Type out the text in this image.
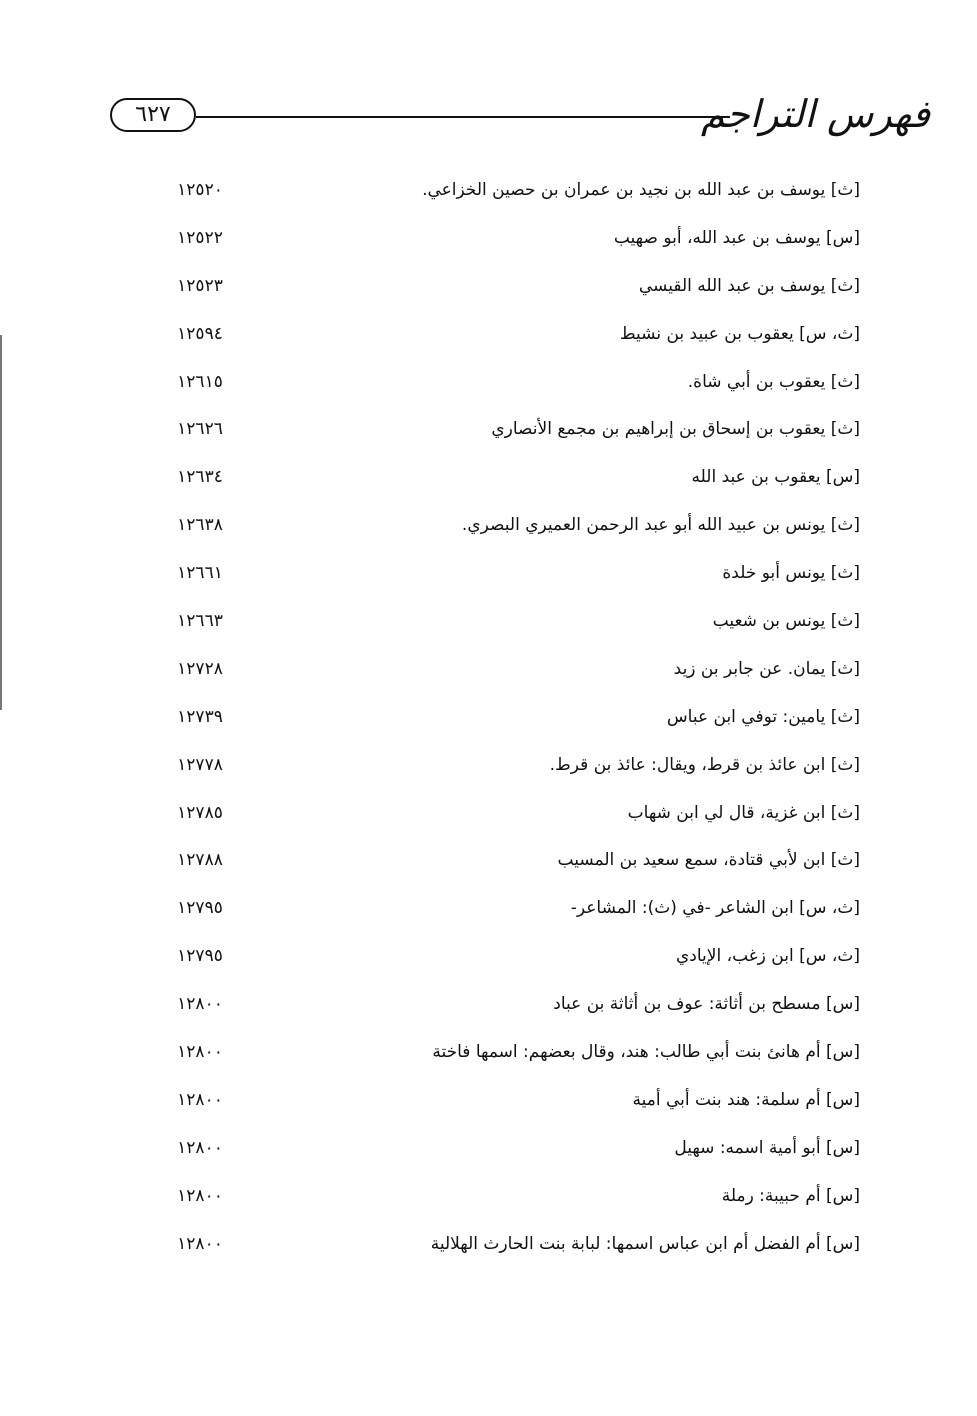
٦٢٧	فهرس التراجم
[ث] يوسف بن عبد الله بن نجيد بن عمران بن حصين الخزاعي.
١٢٥٢٠
[س] يوسف بن عبد الله، أبو صهيب
١٢٥٢٢
[ث] يوسف بن عبد الله القيسي
١٢٥٢٣
[ث، س] يعقوب بن عبيد بن نشيط
١٢٥٩٤
[ث] يعقوب بن أبي شاة.
١٢٦١٥
[ث] يعقوب بن إسحاق بن إبراهيم بن مجمع الأنصاري
١٢٦٢٦
[س] يعقوب بن عبد الله
١٢٦٣٤
[ث] يونس بن عبيد الله أبو عبد الرحمن العميري البصري.
١٢٦٣٨
[ث] يونس أبو خلدة
١٢٦٦١
[ث] يونس بن شعيب
١٢٦٦٣
[ث] يمان. عن جابر بن زيد
١٢٧٢٨
[ث] يامين: توفي ابن عباس
١٢٧٣٩
[ث] ابن عائذ بن قرط، ويقال: عائذ بن قرط.
١٢٧٧٨
[ث] ابن غزية، قال لي ابن شهاب
١٢٧٨٥
[ث] ابن لأبي قتادة، سمع سعيد بن المسيب
١٢٧٨٨
[ث، س] ابن الشاعر -في (ث): المشاعر-
١٢٧٩٥
[ث، س] ابن زغب، الإيادي
١٢٧٩٥
[س] مسطح بن أثاثة: عوف بن أثاثة بن عباد
١٢٨٠٠
[س] أم هانئ بنت أبي طالب: هند، وقال بعضهم: اسمها فاختة
١٢٨٠٠
[س] أم سلمة: هند بنت أبي أمية
١٢٨٠٠
[س] أبو أمية اسمه: سهيل
١٢٨٠٠
[س] أم حبيبة: رملة
١٢٨٠٠
[س] أم الفضل أم ابن عباس اسمها: لبابة بنت الحارث الهلالية
١٢٨٠٠
